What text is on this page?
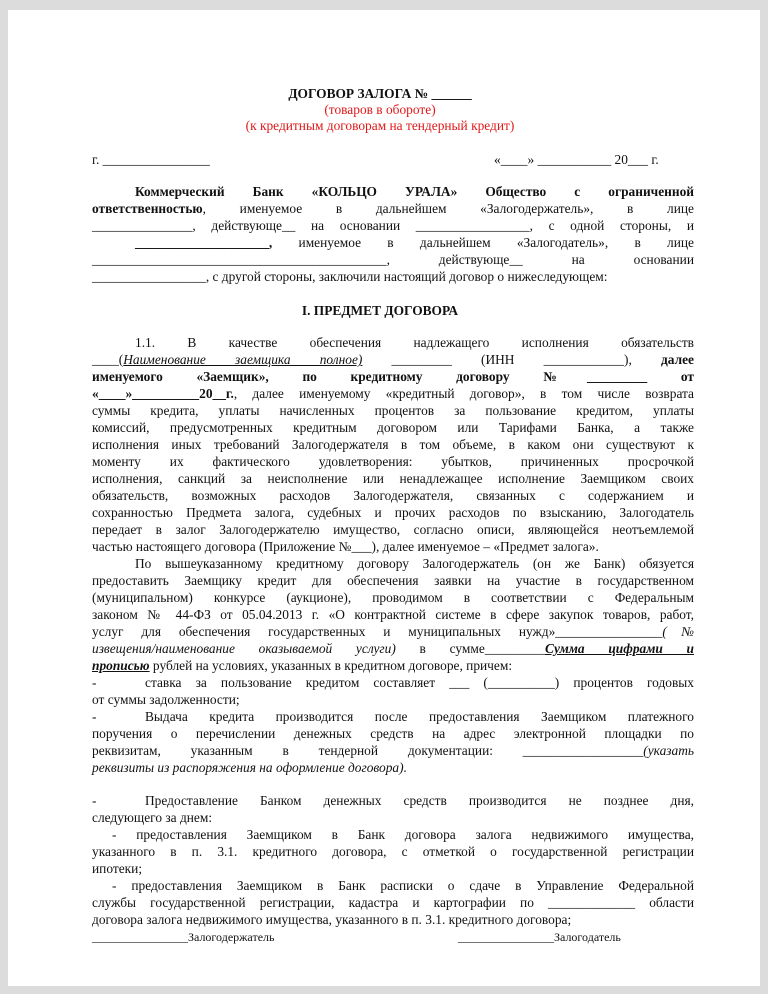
ДОГОВОР ЗАЛОГА № ______
(товаров в обороте)
(к кредитным договорам на тендерный кредит)
г. ________________	«____» ___________ 20___ г.
Коммерческий Банк «КОЛЬЦО УРАЛА» Общество с ограниченной
ответственностью, именуемое в дальнейшем «Залогодержатель», в лице
_______________, действующе__ на основании _________________, с одной стороны, и
____________________, именуемое в дальнейшем «Залогодатель», в лице
____________________________________________, действующе__ на основании
_________________, с другой стороны, заключили настоящий договор о нижеследующем:
I. ПРЕДМЕТ ДОГОВОРА
1.1. В качестве обеспечения надлежащего исполнения обязательств
____(Наименование заемщика полное) _________ (ИНН ____________), далее
именуемого «Заемщик», по кредитному договору №_________ от
«____»__________20__г., далее именуемому «кредитный договор», в том числе возврата
суммы кредита, уплаты начисленных процентов за пользование кредитом, уплаты
комиссий, предусмотренных кредитным договором или Тарифами Банка, а также
исполнения иных требований Залогодержателя в том объеме, в каком они существуют к
моменту их фактического удовлетворения: убытков, причиненных просрочкой
исполнения, санкций за неисполнение или ненадлежащее исполнение Заемщиком своих
обязательств, возможных расходов Залогодержателя, связанных с содержанием и
сохранностью Предмета залога, судебных и прочих расходов по взысканию, Залогодатель
передает в залог Залогодержателю имущество, согласно описи, являющейся неотъемлемой
частью настоящего договора (Приложение №___), далее именуемое – «Предмет залога».
По вышеуказанному кредитному договору Залогодержатель (он же Банк) обязуется
предоставить Заемщику кредит для обеспечения заявки на участие в государственном
(муниципальном) конкурсе (аукционе), проводимом в соответствии с Федеральным
законом № 44-ФЗ от 05.04.2013 г. «О контрактной системе в сфере закупок товаров, работ,
услуг для обеспечения государственных и муниципальных нужд»________________(№
извещения/наименование оказываемой услуги) в сумме_________Сумма цифрами и
прописью рублей на условиях, указанных в кредитном договоре, причем:
-	ставка за пользование кредитом составляет ___ (__________) процентов годовых
от суммы задолженности;
-	Выдача кредита производится после предоставления Заемщиком платежного
поручения о перечислении денежных средств на адрес электронной площадки по
реквизитам, указанным в тендерной документации: __________________(указать
реквизиты из распоряжения на оформление договора).
-	Предоставление Банком денежных средств производится не позднее дня,
следующего за днем:
- предоставления Заемщиком в Банк договора залога недвижимого имущества,
указанного в п. 3.1. кредитного договора, с отметкой о государственной регистрации
ипотеки;
- предоставления Заемщиком в Банк расписки о сдаче в Управление Федеральной
службы государственной регистрации, кадастра и картографии по _____________ области
договора залога недвижимого имущества, указанного в п. 3.1. кредитного договора;
________________Залогодержатель	________________Залогодатель
